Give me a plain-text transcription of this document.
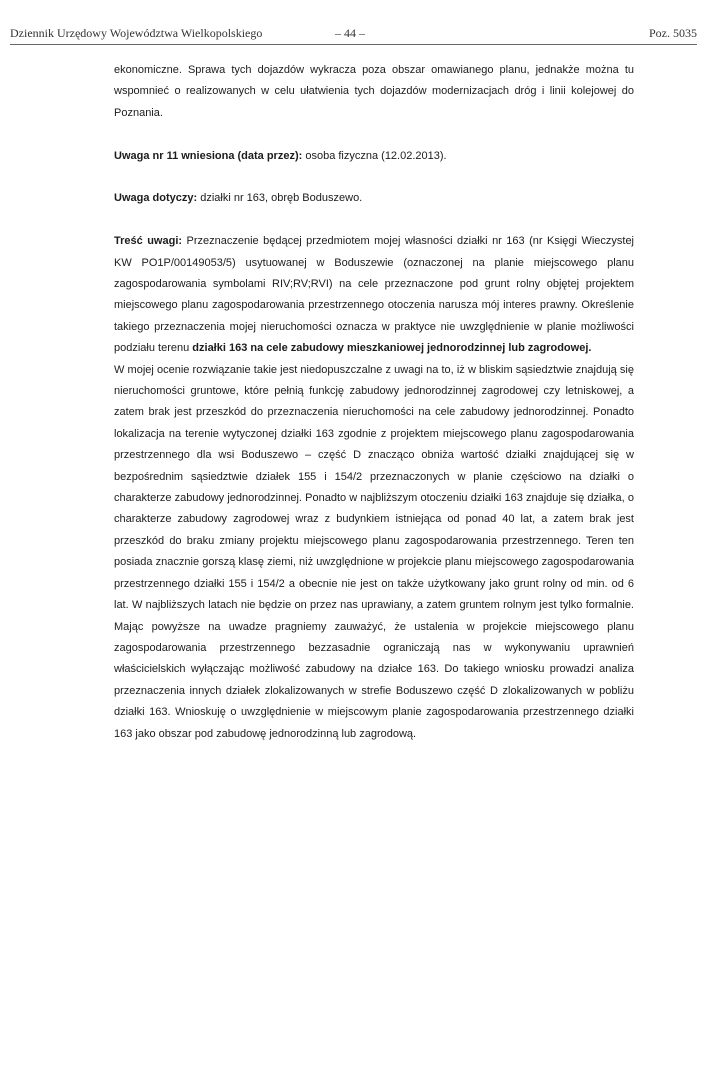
Dziennik Urzędowy Województwa Wielkopolskiego	– 44 –	Poz. 5035

ekonomiczne. Sprawa tych dojazdów wykracza poza obszar omawianego planu, jednakże można tu wspomnieć o realizowanych w celu ułatwienia tych dojazdów modernizacjach dróg i linii kolejowej do Poznania.

Uwaga nr 11 wniesiona (data przez): osoba fizyczna (12.02.2013).

Uwaga dotyczy: działki nr 163, obręb Boduszewo.

Treść uwagi: Przeznaczenie będącej przedmiotem mojej własności działki nr 163 (nr Księgi Wieczystej KW PO1P/00149053/5) usytuowanej w Boduszewie (oznaczonej na planie miejscowego planu zagospodarowania symbolami RIV;RV;RVI) na cele przeznaczone pod grunt rolny objętej projektem miejscowego planu zagospodarowania przestrzennego otoczenia narusza mój interes prawny. Określenie takiego przeznaczenia mojej nieruchomości oznacza w praktyce nie uwzględnienie w planie możliwości podziału terenu działki 163 na cele zabudowy mieszkaniowej jednorodzinnej lub zagrodowej.

W mojej ocenie rozwiązanie takie jest niedopuszczalne z uwagi na to, iż w bliskim sąsiedztwie znajdują się nieruchomości gruntowe, które pełnią funkcję zabudowy jednorodzinnej zagrodowej czy letniskowej, a zatem brak jest przeszkód do przeznaczenia nieruchomości na cele zabudowy jednorodzinnej. Ponadto lokalizacja na terenie wytyczonej działki 163 zgodnie z projektem miejscowego planu zagospodarowania przestrzennego dla wsi Boduszewo – część D znacząco obniża wartość działki znajdującej się w bezpośrednim sąsiedztwie działek 155 i 154/2 przeznaczonych w planie częściowo na działki o charakterze zabudowy jednorodzinnej. Ponadto w najbliższym otoczeniu działki 163 znajduje się działka, o charakterze zabudowy zagrodowej wraz z budynkiem istniejąca od ponad 40 lat, a zatem brak jest przeszkód do braku zmiany projektu miejscowego planu zagospodarowania przestrzennego. Teren ten posiada znacznie gorszą klasę ziemi, niż uwzględnione w projekcie planu miejscowego zagospodarowania przestrzennego działki 155 i 154/2 a obecnie nie jest on także użytkowany jako grunt rolny od min. od 6 lat. W najbliższych latach nie będzie on przez nas uprawiany, a zatem gruntem rolnym jest tylko formalnie. Mając powyższe na uwadze pragniemy zauważyć, że ustalenia w projekcie miejscowego planu zagospodarowania przestrzennego bezzasadnie ograniczają nas w wykonywaniu uprawnień właścicielskich wyłączając możliwość zabudowy na działce 163. Do takiego wniosku prowadzi analiza przeznaczenia innych działek zlokalizowanych w strefie Boduszewo część D zlokalizowanych w pobliżu działki 163. Wnioskuję o uwzględnienie w miejscowym planie zagospodarowania przestrzennego działki 163 jako obszar pod zabudowę jednorodzinną lub zagrodową.
